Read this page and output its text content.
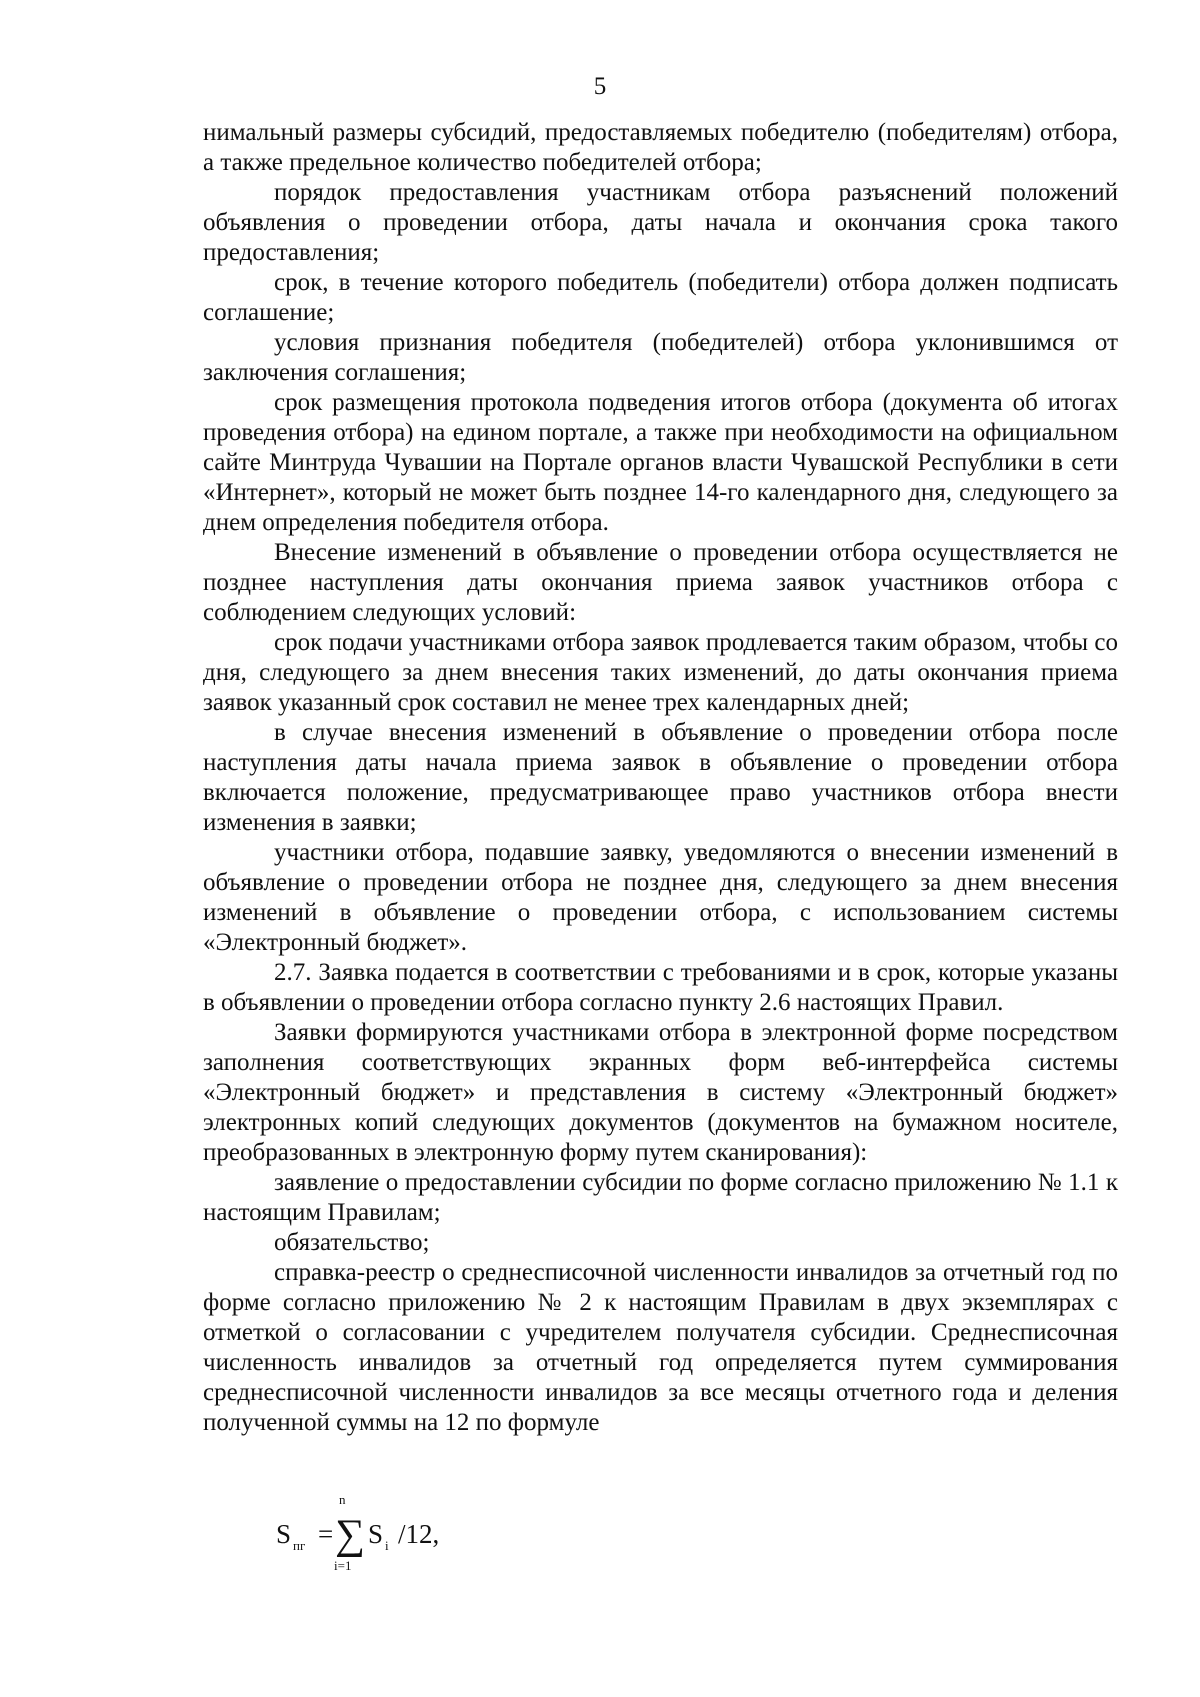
5

нимальный размеры субсидий, предоставляемых победителю (победителям) отбора, а также предельное количество победителей отбора;

порядок предоставления участникам отбора разъяснений положений объявления о проведении отбора, даты начала и окончания срока такого предоставления;

срок, в течение которого победитель (победители) отбора должен подписать соглашение;

условия признания победителя (победителей) отбора уклонившимся от заключения соглашения;

срок размещения протокола подведения итогов отбора (документа об итогах проведения отбора) на едином портале, а также при необходимости на официальном сайте Минтруда Чувашии на Портале органов власти Чувашской Республики в сети «Интернет», который не может быть позднее 14-го календарного дня, следующего за днем определения победителя отбора.

Внесение изменений в объявление о проведении отбора осуществляется не позднее наступления даты окончания приема заявок участников отбора с соблюдением следующих условий:

срок подачи участниками отбора заявок продлевается таким образом, чтобы со дня, следующего за днем внесения таких изменений, до даты окончания приема заявок указанный срок составил не менее трех календарных дней;

в случае внесения изменений в объявление о проведении отбора после наступления даты начала приема заявок в объявление о проведении отбора включается положение, предусматривающее право участников отбора внести изменения в заявки;

участники отбора, подавшие заявку, уведомляются о внесении изменений в объявление о проведении отбора не позднее дня, следующего за днем внесения изменений в объявление о проведении отбора, с использованием системы «Электронный бюджет».

2.7. Заявка подается в соответствии с требованиями и в срок, которые указаны в объявлении о проведении отбора согласно пункту 2.6 настоящих Правил.

Заявки формируются участниками отбора в электронной форме посредством заполнения соответствующих экранных форм веб-интерфейса системы «Электронный бюджет» и представления в систему «Электронный бюджет» электронных копий следующих документов (документов на бумажном носителе, преобразованных в электронную форму путем сканирования):

заявление о предоставлении субсидии по форме согласно приложению № 1.1 к настоящим Правилам;

обязательство;

справка-реестр о среднесписочной численности инвалидов за отчетный год по форме согласно приложению № 2 к настоящим Правилам в двух экземплярах с отметкой о согласовании с учредителем получателя субсидии. Среднесписочная численность инвалидов за отчетный год определяется путем суммирования среднесписочной численности инвалидов за все месяцы отчетного года и деления полученной суммы на 12 по формуле

S пг =
n
∑
i=1
S i /12,
